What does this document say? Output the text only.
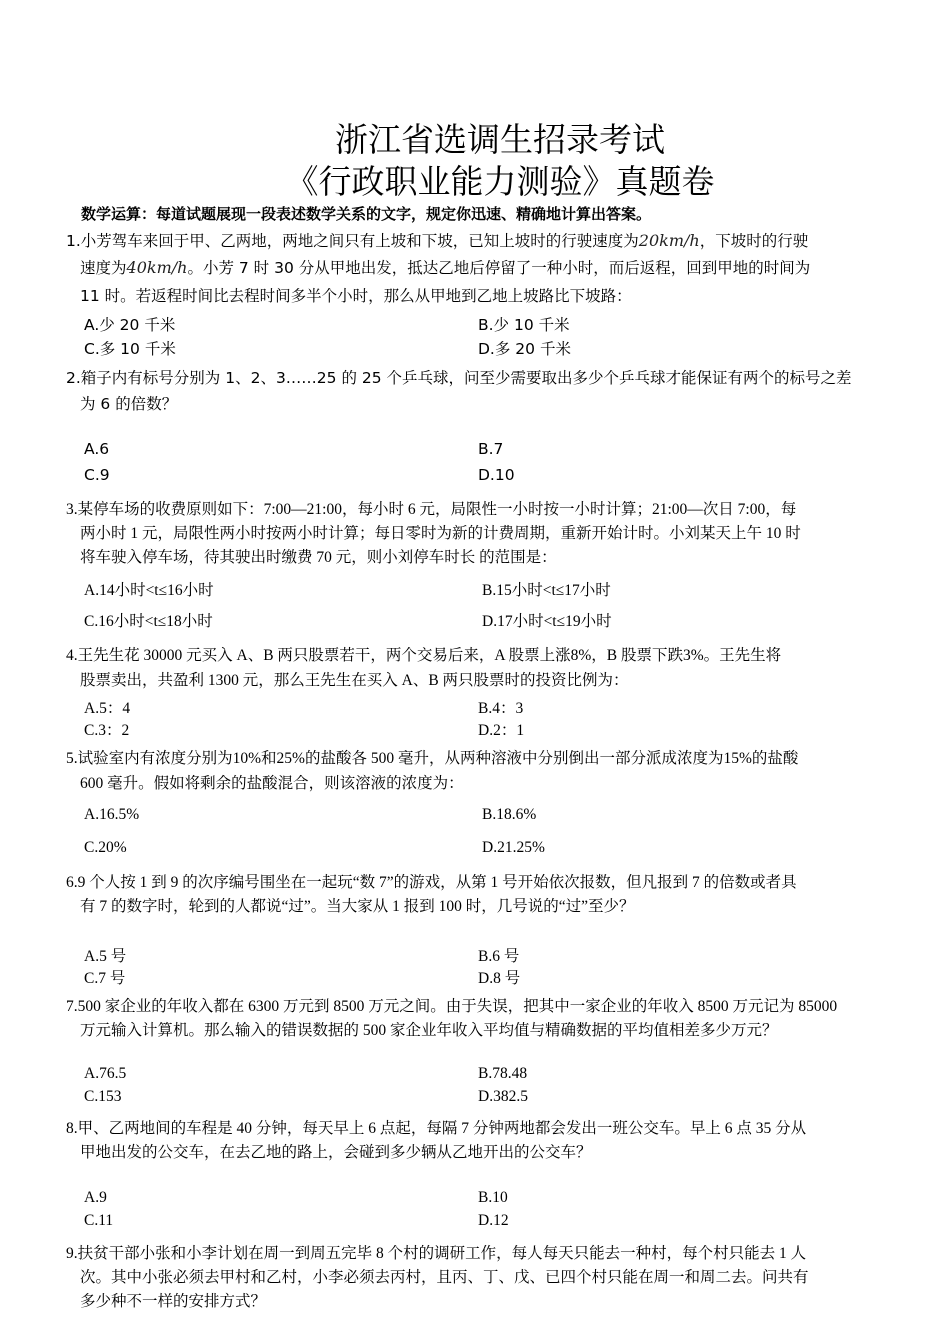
浙江省选调生招录考试
《行政职业能力测验》真题卷
数学运算：每道试题展现一段表述数学关系的文字，规定你迅速、精确地计算出答案。
1.小芳驾车来回于甲、乙两地，两地之间只有上坡和下坡，已知上坡时的行驶速度为20km/h，下坡时的行驶
速度为40km/h。小芳 7 时 30 分从甲地出发，抵达乙地后停留了一种小时，而后返程，回到甲地的时间为
11 时。若返程时间比去程时间多半个小时，那么从甲地到乙地上坡路比下坡路：
A.少 20 千米	B.少 10 千米
C.多 10 千米	D.多 20 千米
2.箱子内有标号分别为 1、2、3……25 的 25 个乒乓球，问至少需要取出多少个乒乓球才能保证有两个的标号之差
为 6 的倍数？
A.6	B.7
C.9	D.10
3.某停车场的收费原则如下：7:00—21:00，每小时 6 元，局限性一小时按一小时计算；21:00—次日 7:00，每
两小时 1 元，局限性两小时按两小时计算；每日零时为新的计费周期，重新开始计时。小刘某天上午 10 时
将车驶入停车场，待其驶出时缴费 70 元，则小刘停车时长 的范围是：
A.14小时<t≤16小时	B.15小时<t≤17小时
C.16小时<t≤18小时	D.17小时<t≤19小时
4.王先生花 30000 元买入 A、B 两只股票若干，两个交易后来，A 股票上涨8%，B 股票下跌3%。王先生将
股票卖出，共盈利 1300 元，那么王先生在买入 A、B 两只股票时的投资比例为：
A.5：4	B.4：3
C.3：2	D.2：1
5.试验室内有浓度分别为10%和25%的盐酸各 500 毫升，从两种溶液中分别倒出一部分派成浓度为15%的盐酸
600 毫升。假如将剩余的盐酸混合，则该溶液的浓度为：
A.16.5%	B.18.6%
C.20%	D.21.25%
6.9 个人按 1 到 9 的次序编号围坐在一起玩“数 7”的游戏，从第 1 号开始依次报数，但凡报到 7 的倍数或者具
有 7 的数字时，轮到的人都说“过”。当大家从 1 报到 100 时，几号说的“过”至少？
A.5 号	B.6 号
C.7 号	D.8 号
7.500 家企业的年收入都在 6300 万元到 8500 万元之间。由于失误，把其中一家企业的年收入 8500 万元记为 85000
万元输入计算机。那么输入的错误数据的 500 家企业年收入平均值与精确数据的平均值相差多少万元？
A.76.5	B.78.48
C.153	D.382.5
8.甲、乙两地间的车程是 40 分钟，每天早上 6 点起，每隔 7 分钟两地都会发出一班公交车。早上 6 点 35 分从
甲地出发的公交车，在去乙地的路上，会碰到多少辆从乙地开出的公交车？
A.9	B.10
C.11	D.12
9.扶贫干部小张和小李计划在周一到周五完毕 8 个村的调研工作，每人每天只能去一种村，每个村只能去 1 人
次。其中小张必须去甲村和乙村，小李必须去丙村，且丙、丁、戊、已四个村只能在周一和周二去。问共有
多少种不一样的安排方式？
